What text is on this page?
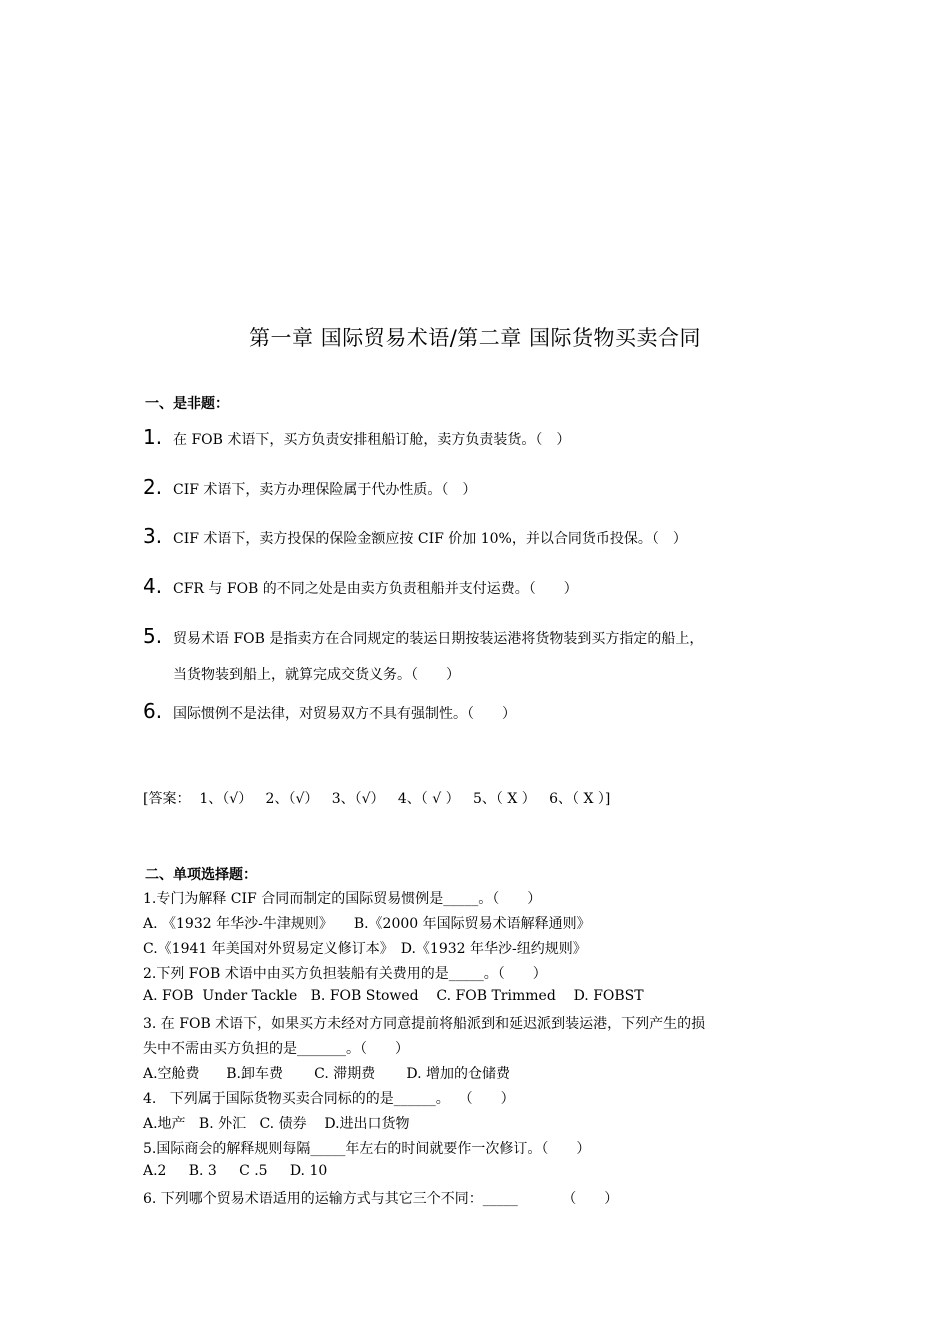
第一章 国际贸易术语/第二章 国际货物买卖合同
一、是非题：
1. 在 FOB 术语下，买方负责安排租船订舱，卖方负责装货。（　）
2. CIF 术语下，卖方办理保险属于代办性质。（　）
3. CIF 术语下，卖方投保的保险金额应按 CIF 价加 10%，并以合同货币投保。（　）
4. CFR 与 FOB 的不同之处是由卖方负责租船并支付运费。（　　）
5. 贸易术语 FOB 是指卖方在合同规定的装运日期按装运港将货物装到买方指定的船上，
当货物装到船上，就算完成交货义务。（　　）
6. 国际惯例不是法律，对贸易双方不具有强制性。（　　）
[答案：  1、（√）   2、（√）   3、（√）   4、（ √ ）   5、（ X ）   6、（ X ）]
二、单项选择题：
1.专门为解释 CIF 合同而制定的国际贸易惯例是_____。（　　）
A. 《1932 年华沙-牛津规则》　　B.《2000 年国际贸易术语解释通则》
C.《1941 年美国对外贸易定义修订本》　D.《1932 年华沙-纽约规则》
2.下列 FOB 术语中由买方负担装船有关费用的是_____。（　　）
A. FOB  Under Tackle   B. FOB Stowed    C. FOB Trimmed    D. FOBST
3. 在 FOB 术语下，如果买方未经对方同意提前将船派到和延迟派到装运港，下列产生的损
失中不需由买方负担的是_______。（　　）
A.空舱费      B.卸车费       C. 滞期费       D. 增加的仓储费
4.   下列属于国际货物买卖合同标的的是______。  （　　）
A.地产   B. 外汇   C. 债券    D.进出口货物
5.国际商会的解释规则每隔_____年左右的时间就要作一次修订。（　　）
A.2     B. 3     C .5     D. 10
6. 下列哪个贸易术语适用的运输方式与其它三个不同：_____          （　　）
